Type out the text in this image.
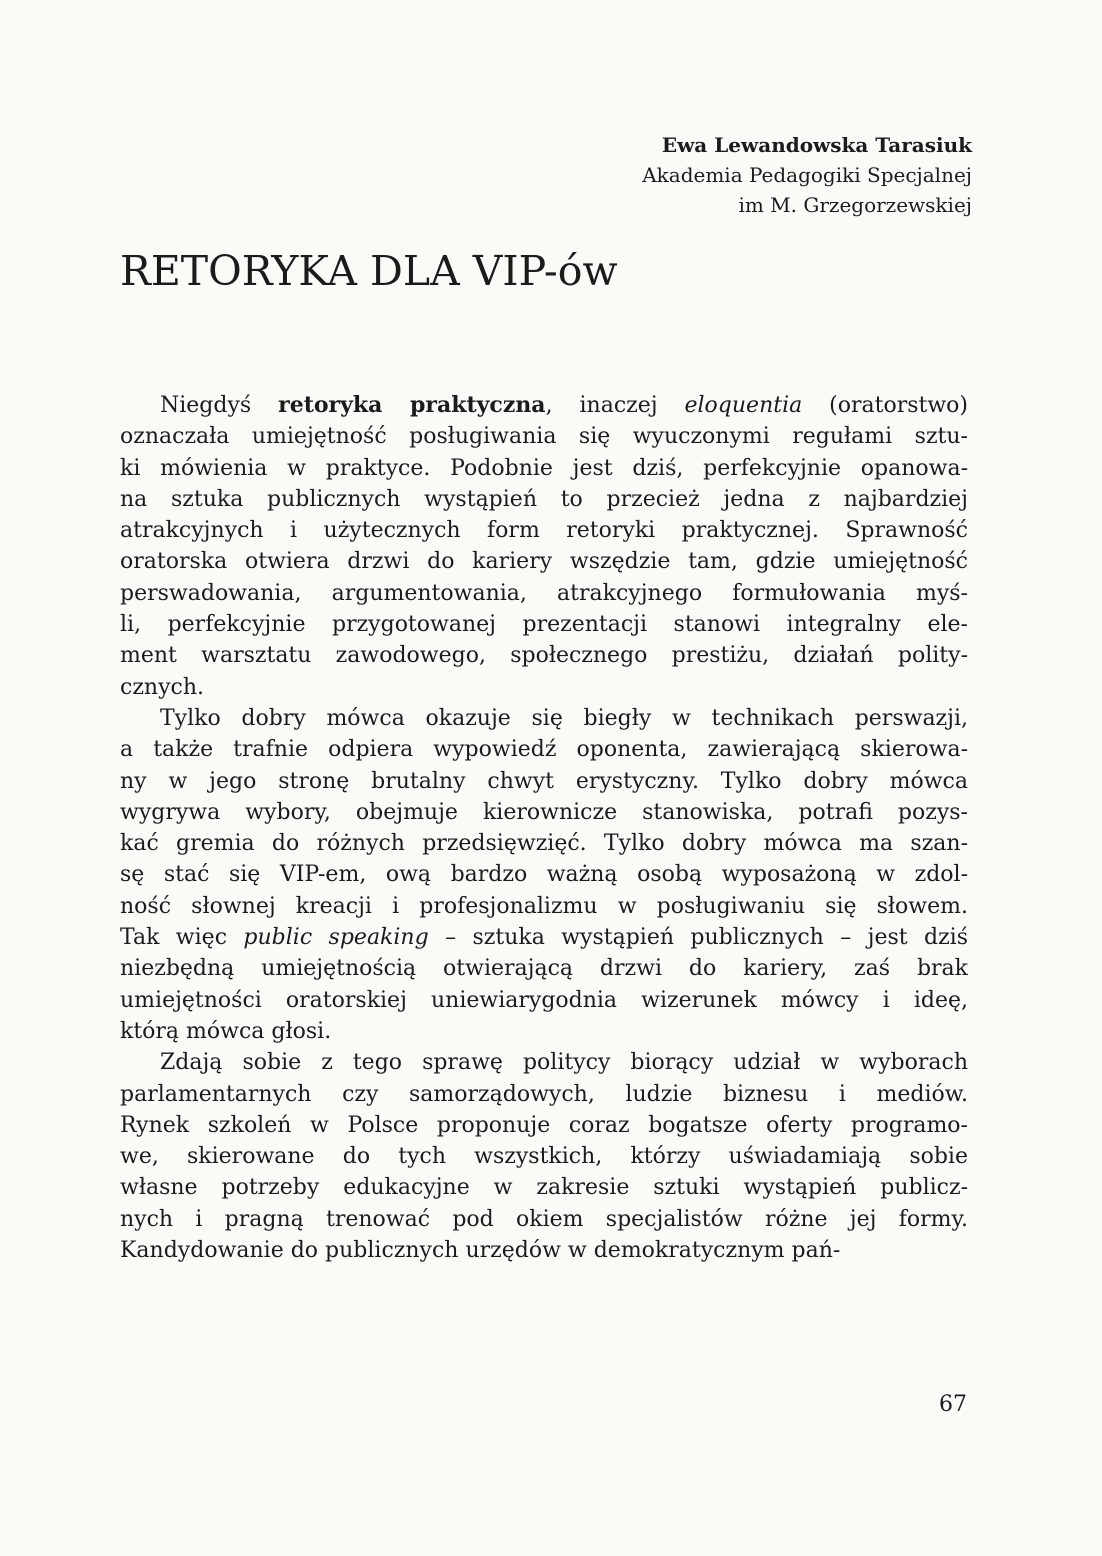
Ewa Lewandowska Tarasiuk
Akademia Pedagogiki Specjalnej
im M. Grzegorzewskiej
RETORYKA DLA VIP-ów

Niegdyś retoryka praktyczna, inaczej eloquentia (oratorstwo)
oznaczała umiejętność posługiwania się wyuczonymi regułami sztu-
ki mówienia w praktyce. Podobnie jest dziś, perfekcyjnie opanowa-
na sztuka publicznych wystąpień to przecież jedna z najbardziej
atrakcyjnych i użytecznych form retoryki praktycznej. Sprawność
oratorska otwiera drzwi do kariery wszędzie tam, gdzie umiejętność
perswadowania, argumentowania, atrakcyjnego formułowania myś-
li, perfekcyjnie przygotowanej prezentacji stanowi integralny ele-
ment warsztatu zawodowego, społecznego prestiżu, działań polity-
cznych.

Tylko dobry mówca okazuje się biegły w technikach perswazji,
a także trafnie odpiera wypowiedź oponenta, zawierającą skierowa-
ny w jego stronę brutalny chwyt erystyczny. Tylko dobry mówca
wygrywa wybory, obejmuje kierownicze stanowiska, potrafi pozys-
kać gremia do różnych przedsięwzięć. Tylko dobry mówca ma szan-
sę stać się VIP-em, ową bardzo ważną osobą wyposażoną w zdol-
ność słownej kreacji i profesjonalizmu w posługiwaniu się słowem.
Tak więc public speaking – sztuka wystąpień publicznych – jest dziś
niezbędną umiejętnością otwierającą drzwi do kariery, zaś brak
umiejętności oratorskiej uniewiarygodnia wizerunek mówcy i ideę,
którą mówca głosi.

Zdają sobie z tego sprawę politycy biorący udział w wyborach
parlamentarnych czy samorządowych, ludzie biznesu i mediów.
Rynek szkoleń w Polsce proponuje coraz bogatsze oferty programo-
we, skierowane do tych wszystkich, którzy uświadamiają sobie
własne potrzeby edukacyjne w zakresie sztuki wystąpień publicz-
nych i pragną trenować pod okiem specjalistów różne jej formy.
Kandydowanie do publicznych urzędów w demokratycznym pań-

67
